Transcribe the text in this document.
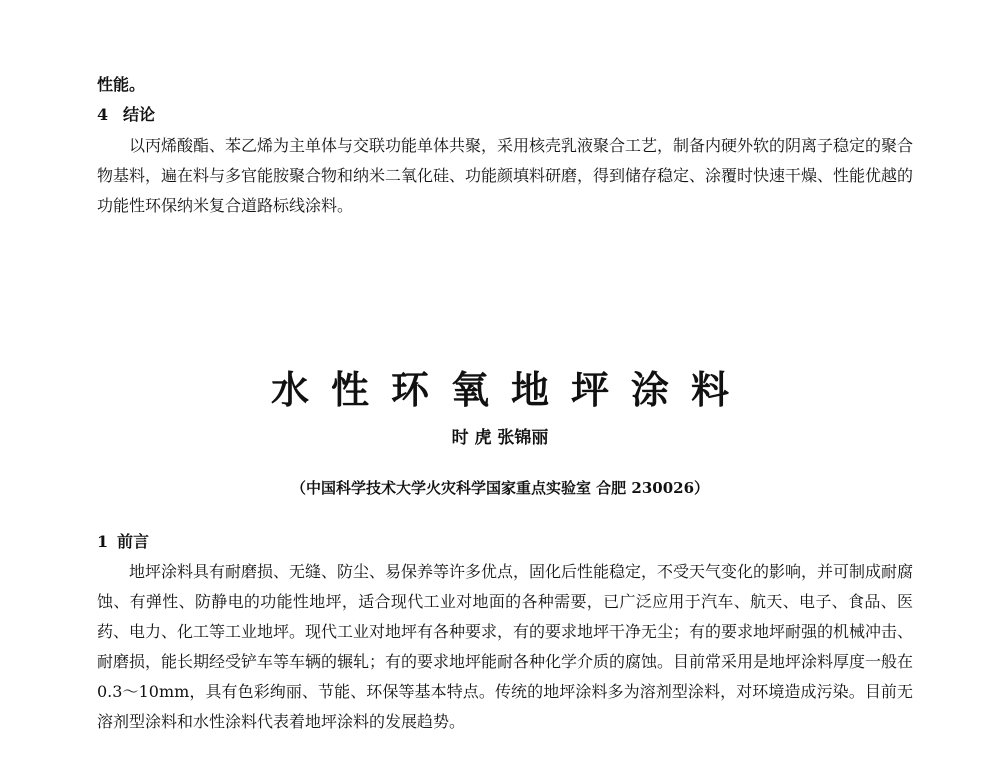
性能。
4 结论
以丙烯酸酯、苯乙烯为主单体与交联功能单体共聚，采用核壳乳液聚合工艺，制备内硬外软的阴离子稳定的聚合物基料，遍在料与多官能胺聚合物和纳米二氧化硅、功能颜填料研磨，得到储存稳定、涂覆时快速干燥、性能优越的功能性环保纳米复合道路标线涂料。
水性环氧地坪涂料
时 虎 张锦丽
（中国科学技术大学火灾科学国家重点实验室 合肥 230026）
1 前言
地坪涂料具有耐磨损、无缝、防尘、易保养等许多优点，固化后性能稳定，不受天气变化的影响，并可制成耐腐蚀、有弹性、防静电的功能性地坪，适合现代工业对地面的各种需要，已广泛应用于汽车、航天、电子、食品、医药、电力、化工等工业地坪。现代工业对地坪有各种要求，有的要求地坪干净无尘；有的要求地坪耐强的机械冲击、耐磨损，能长期经受铲车等车辆的辗轧；有的要求地坪能耐各种化学介质的腐蚀。目前常采用是地坪涂料厚度一般在 0.3～10mm，具有色彩绚丽、节能、环保等基本特点。传统的地坪涂料多为溶剂型涂料，对环境造成污染。目前无溶剂型涂料和水性涂料代表着地坪涂料的发展趋势。
